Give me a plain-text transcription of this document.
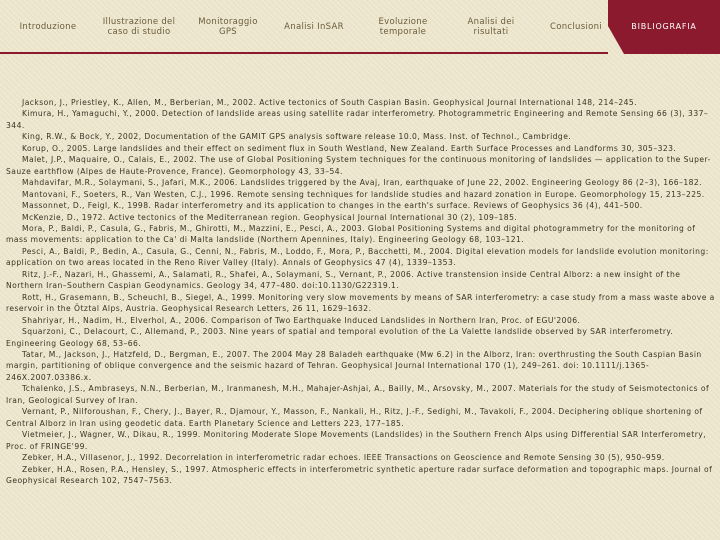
Introduzione	Illustrazione del caso di studio
Monitoraggio GPS	Analisi InSAR	Evoluzione temporale
Analisi dei risultati	Conclusioni	BIBLIOGRAFIA

Jackson, J., Priestley, K., Allen, M., Berberian, M., 2002. Active tectonics of South Caspian Basin. Geophysical Journal International 148, 214–245.

Kimura, H., Yamaguchi, Y., 2000. Detection of landslide areas using satellite radar interferometry. Photogrammetric Engineering and Remote Sensing 66 (3), 337–344.

King, R.W., & Bock, Y., 2002, Documentation of the GAMIT GPS analysis software release 10.0, Mass. Inst. of Technol., Cambridge.

Korup, O., 2005. Large landslides and their effect on sediment flux in South Westland, New Zealand. Earth Surface Processes and Landforms 30, 305–323.

Malet, J.P., Maquaire, O., Calais, E., 2002. The use of Global Positioning System techniques for the continuous monitoring of landslides — application to the Super-Sauze earthflow (Alpes de Haute-Provence, France). Geomorphology 43, 33–54.

Mahdavifar, M.R., Solaymani, S., Jafari, M.K., 2006. Landslides triggered by the Avaj, Iran, earthquake of June 22, 2002. Engineering Geology 86 (2–3), 166–182.

Mantovani, F., Soeters, R., Van Westen, C.J., 1996. Remote sensing techniques for landslide studies and hazard zonation in Europe. Geomorphology 15, 213–225.

Massonnet, D., Feigl, K., 1998. Radar interferometry and its application to changes in the earth's surface. Reviews of Geophysics 36 (4), 441–500.

McKenzie, D., 1972. Active tectonics of the Mediterranean region. Geophysical Journal International 30 (2), 109–185.

Mora, P., Baldi, P., Casula, G., Fabris, M., Ghirotti, M., Mazzini, E., Pesci, A., 2003. Global Positioning Systems and digital photogrammetry for the monitoring of mass movements: application to the Ca' di Malta landslide (Northern Apennines, Italy). Engineering Geology 68, 103–121.

Pesci, A., Baldi, P., Bedin, A., Casula, G., Cenni, N., Fabris, M., Loddo, F., Mora, P., Bacchetti, M., 2004. Digital elevation models for landslide evolution monitoring: application on two areas located in the Reno River Valley (Italy). Annals of Geophysics 47 (4), 1339–1353.

Ritz, J.-F., Nazari, H., Ghassemi, A., Salamati, R., Shafei, A., Solaymani, S., Vernant, P., 2006. Active transtension inside Central Alborz: a new insight of the Northern Iran–Southern Caspian Geodynamics. Geology 34, 477–480. doi:10.1130/G22319.1.

Rott, H., Grasemann, B., Scheuchl, B., Siegel, A., 1999. Monitoring very slow movements by means of SAR interferometry: a case study from a mass waste above a reservoir in the Ötztal Alps, Austria. Geophysical Research Letters, 26 11, 1629–1632.

Shahriyar, H., Nadim, H., Elverhol, A., 2006. Comparison of Two Earthquake Induced Landslides in Northern Iran, Proc. of EGU'2006.

Squarzoni, C., Delacourt, C., Allemand, P., 2003. Nine years of spatial and temporal evolution of the La Valette landslide observed by SAR interferometry. Engineering Geology 68, 53–66.

Tatar, M., Jackson, J., Hatzfeld, D., Bergman, E., 2007. The 2004 May 28 Baladeh earthquake (Mw 6.2) in the Alborz, Iran: overthrusting the South Caspian Basin margin, partitioning of oblique convergence and the seismic hazard of Tehran. Geophysical Journal International 170 (1), 249–261. doi: 10.1111/j.1365-246X.2007.03386.x.

Tchalenko, J.S., Ambraseys, N.N., Berberian, M., Iranmanesh, M.H., Mahajer-Ashjai, A., Bailly, M., Arsovsky, M., 2007. Materials for the study of Seismotectonics of Iran, Geological Survey of Iran.

Vernant, P., Nilforoushan, F., Chery, J., Bayer, R., Djamour, Y., Masson, F., Nankali, H., Ritz, J.-F., Sedighi, M., Tavakoli, F., 2004. Deciphering oblique shortening of Central Alborz in Iran using geodetic data. Earth Planetary Science and Letters 223, 177–185.

Vietmeier, J., Wagner, W., Dikau, R., 1999. Monitoring Moderate Slope Movements (Landslides) in the Southern French Alps using Differential SAR Interferometry, Proc. of FRINGE'99.

Zebker, H.A., Villasenor, J., 1992. Decorrelation in interferometric radar echoes. IEEE Transactions on Geoscience and Remote Sensing 30 (5), 950–959.

Zebker, H.A., Rosen, P.A., Hensley, S., 1997. Atmospheric effects in interferometric synthetic aperture radar surface deformation and topographic maps. Journal of Geophysical Research 102, 7547–7563.
